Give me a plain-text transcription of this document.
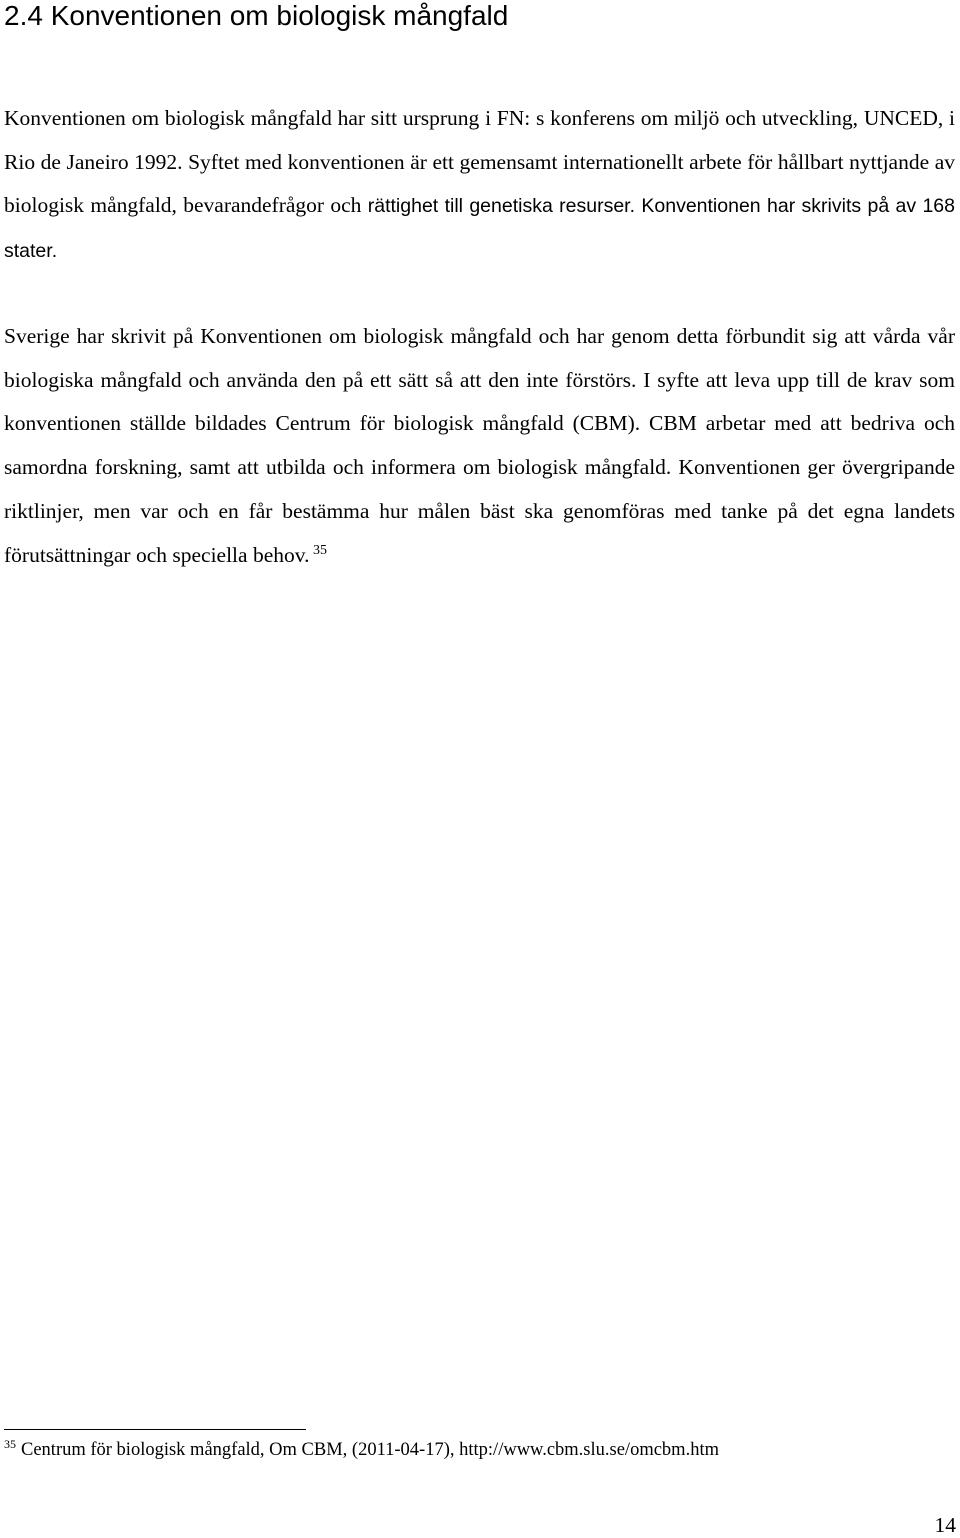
2.4 Konventionen om biologisk mångfald

Konventionen om biologisk mångfald har sitt ursprung i FN: s konferens om miljö och utveckling, UNCED, i Rio de Janeiro 1992. Syftet med konventionen är ett gemensamt internationellt arbete för hållbart nyttjande av biologisk mångfald, bevarandefrågor och rättighet till genetiska resurser. Konventionen har skrivits på av 168 stater.

Sverige har skrivit på Konventionen om biologisk mångfald och har genom detta förbundit sig att vårda vår biologiska mångfald och använda den på ett sätt så att den inte förstörs. I syfte att leva upp till de krav som konventionen ställde bildades Centrum för biologisk mångfald (CBM). CBM arbetar med att bedriva och samordna forskning, samt att utbilda och informera om biologisk mångfald. Konventionen ger övergripande riktlinjer, men var och en får bestämma hur målen bäst ska genomföras med tanke på det egna landets förutsättningar och speciella behov. $^{35}$

$^{35}$ Centrum för biologisk mångfald, Om CBM, (2011-04-17), http://www.cbm.slu.se/omcbm.htm

14
